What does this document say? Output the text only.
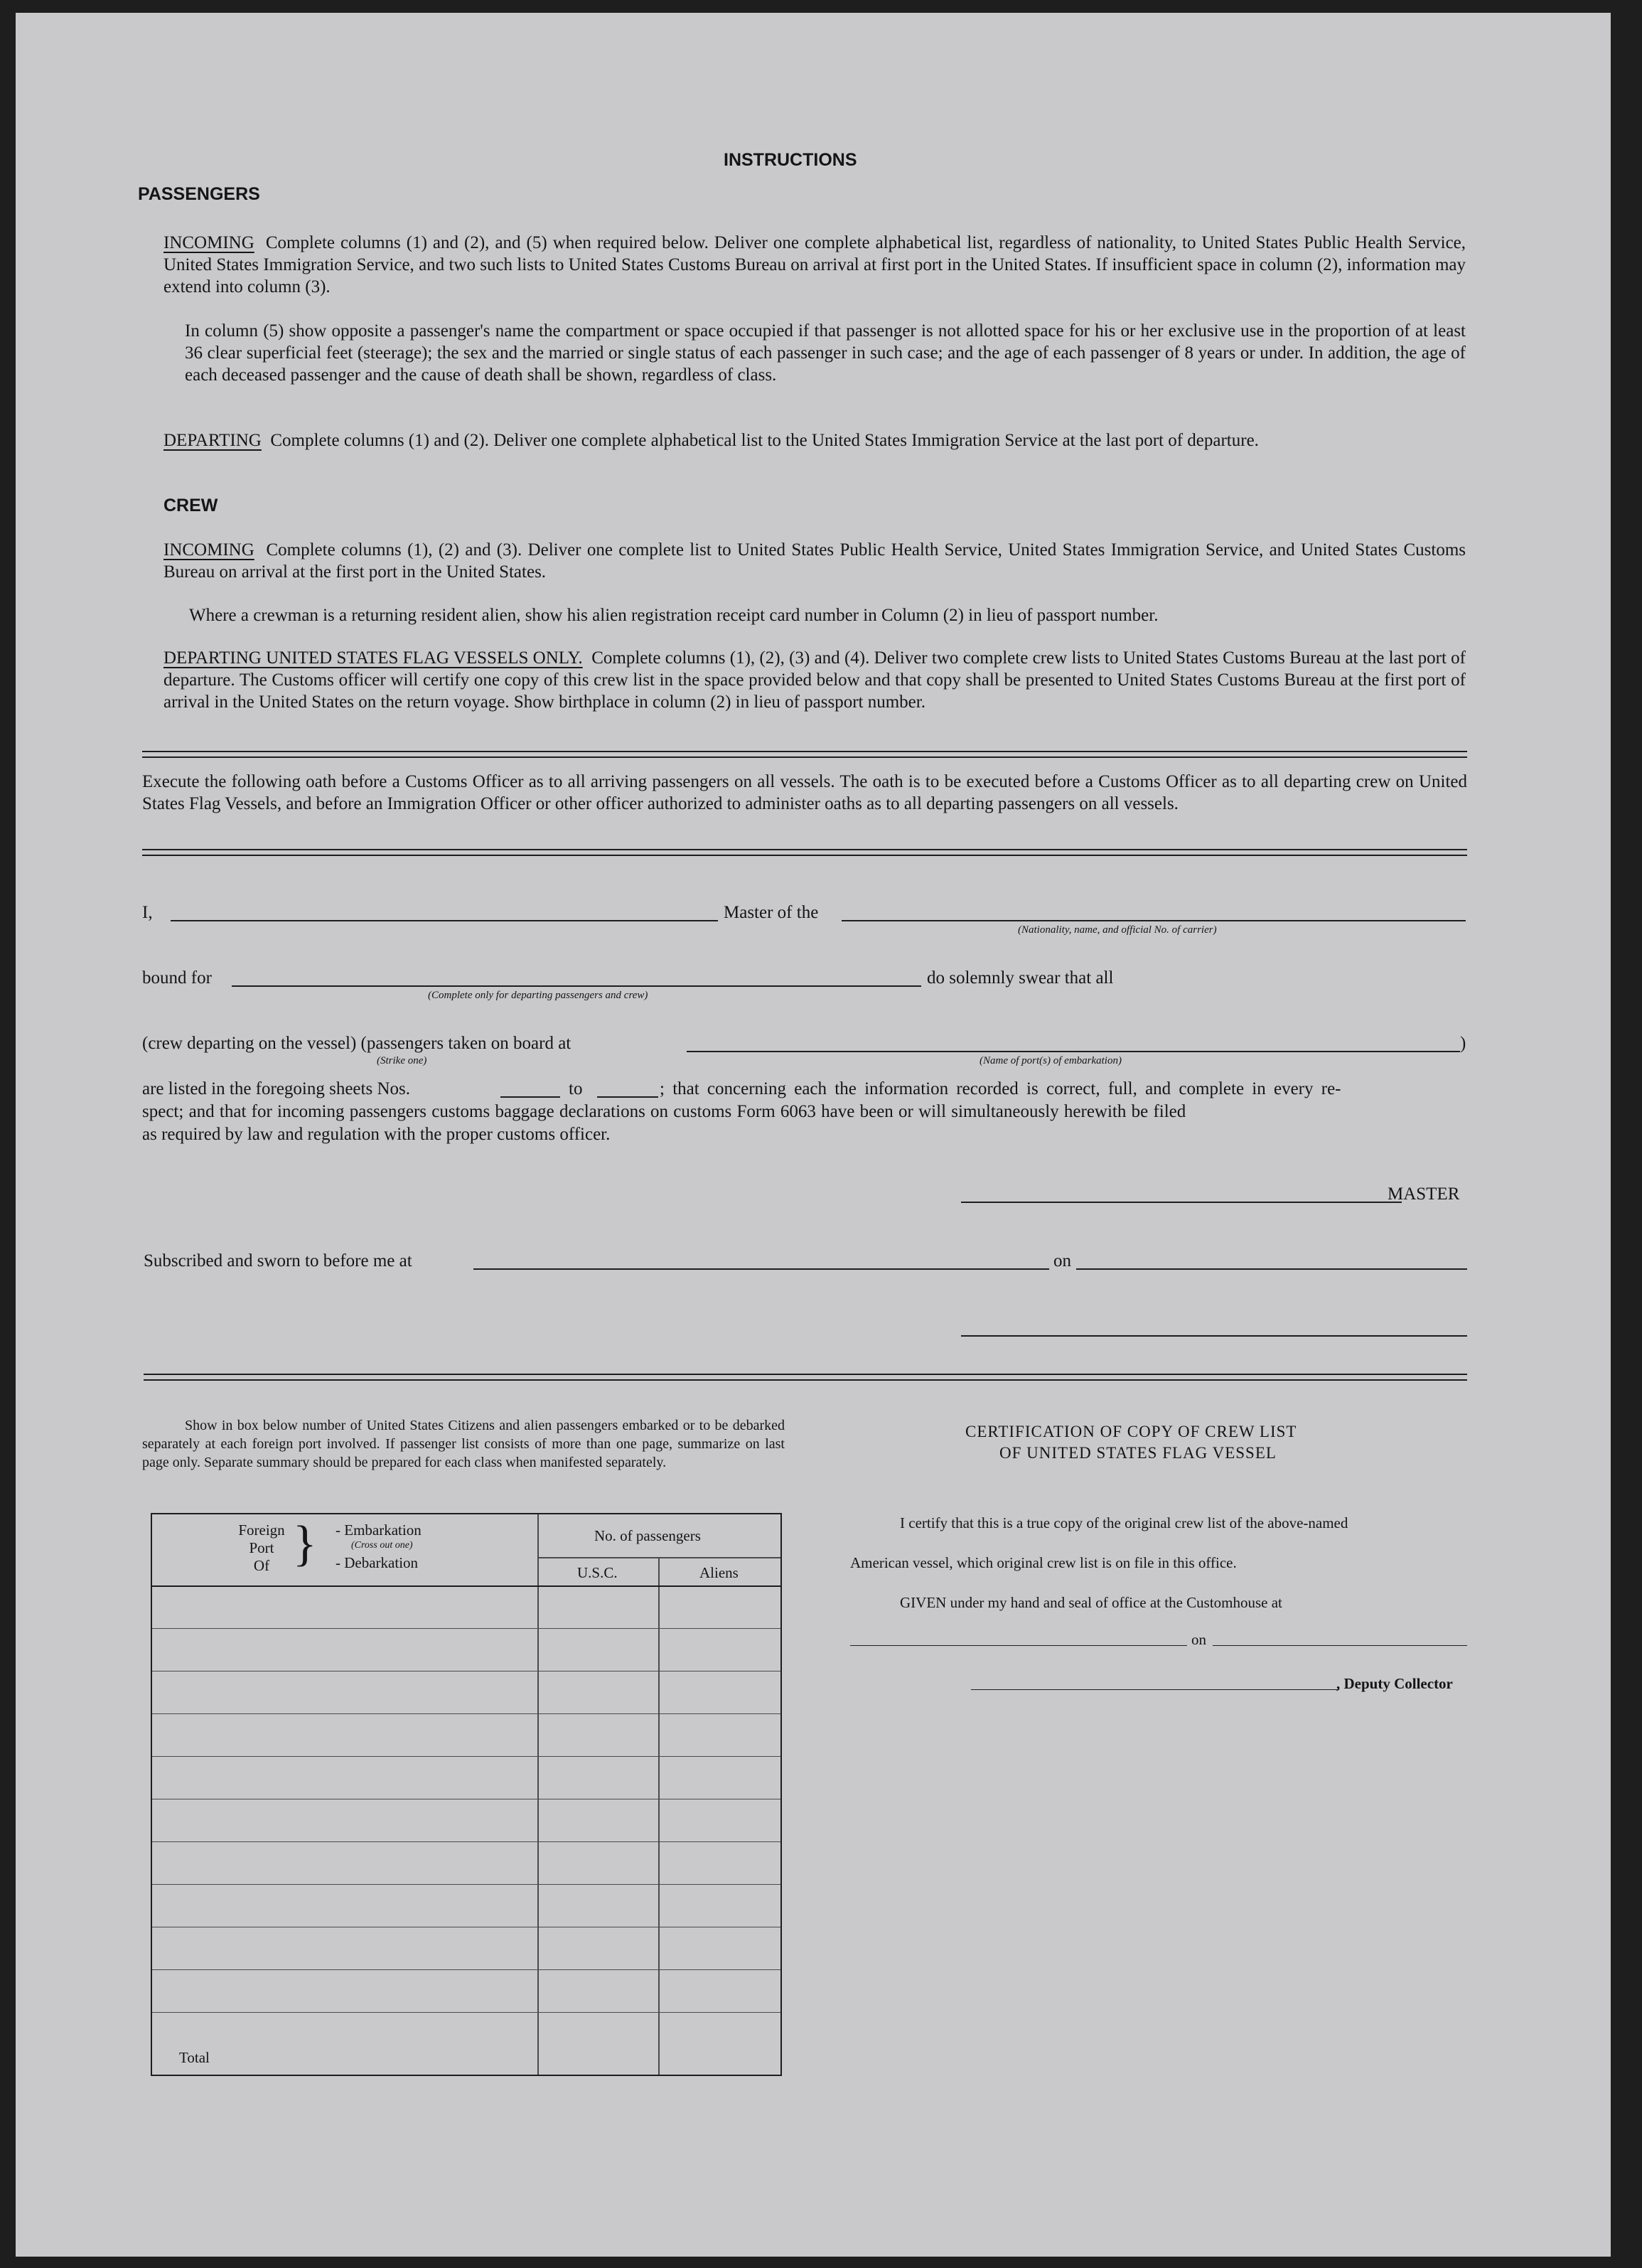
INSTRUCTIONS
PASSENGERS
INCOMING Complete columns (1) and (2), and (5) when required below. Deliver one complete alphabetical list, regardless of nationality, to United States Public Health Service, United States Immigration Service, and two such lists to United States Customs Bureau on arrival at first port in the United States. If insufficient space in column (2), information may extend into column (3).
In column (5) show opposite a passenger's name the compartment or space occupied if that passenger is not allotted space for his or her exclusive use in the proportion of at least 36 clear superficial feet (steerage); the sex and the married or single status of each passenger in such case; and the age of each passenger of 8 years or under. In addition, the age of each deceased passenger and the cause of death shall be shown, regardless of class.
DEPARTING Complete columns (1) and (2). Deliver one complete alphabetical list to the United States Immigration Service at the last port of departure.
CREW
INCOMING Complete columns (1), (2) and (3). Deliver one complete list to United States Public Health Service, United States Immigration Service, and United States Customs Bureau on arrival at the first port in the United States.
Where a crewman is a returning resident alien, show his alien registration receipt card number in Column (2) in lieu of passport number.
DEPARTING UNITED STATES FLAG VESSELS ONLY. Complete columns (1), (2), (3) and (4). Deliver two complete crew lists to United States Customs Bureau at the last port of departure. The Customs officer will certify one copy of this crew list in the space provided below and that copy shall be presented to United States Customs Bureau at the first port of arrival in the United States on the return voyage. Show birthplace in column (2) in lieu of passport number.
Execute the following oath before a Customs Officer as to all arriving passengers on all vessels. The oath is to be executed before a Customs Officer as to all departing crew on United States Flag Vessels, and before an Immigration Officer or other officer authorized to administer oaths as to all departing passengers on all vessels.
I,	Master of the
(Nationality, name, and official No. of carrier)
bound for
(Complete only for departing passengers and crew)
do solemnly swear that all
(crew departing on the vessel) (passengers taken on board at
(Strike one)	(Name of port(s) of embarkation)
)
are listed in the foregoing sheets Nos.	to	; that concerning each the information recorded is correct, full, and complete in every re-
spect; and that for incoming passengers customs baggage declarations on customs Form 6063 have been or will simultaneously herewith be filed
as required by law and regulation with the proper customs officer.
MASTER
Subscribed and sworn to before me at	on
Show in box below number of United States Citizens and alien passengers embarked or to be debarked separately at each foreign port involved. If passenger list consists of more than one page, summarize on last page only. Separate summary should be prepared for each class when manifested separately.
Foreign
Port
Of } - Embarkation
(Cross out one)
- Debarkation
No. of passengers
U.S.C.	Aliens
Total
CERTIFICATION OF COPY OF CREW LIST
OF UNITED STATES FLAG VESSEL
I certify that this is a true copy of the original crew list of the above-named
American vessel, which original crew list is on file in this office.
GIVEN under my hand and seal of office at the Customhouse at
on
, Deputy Collector
